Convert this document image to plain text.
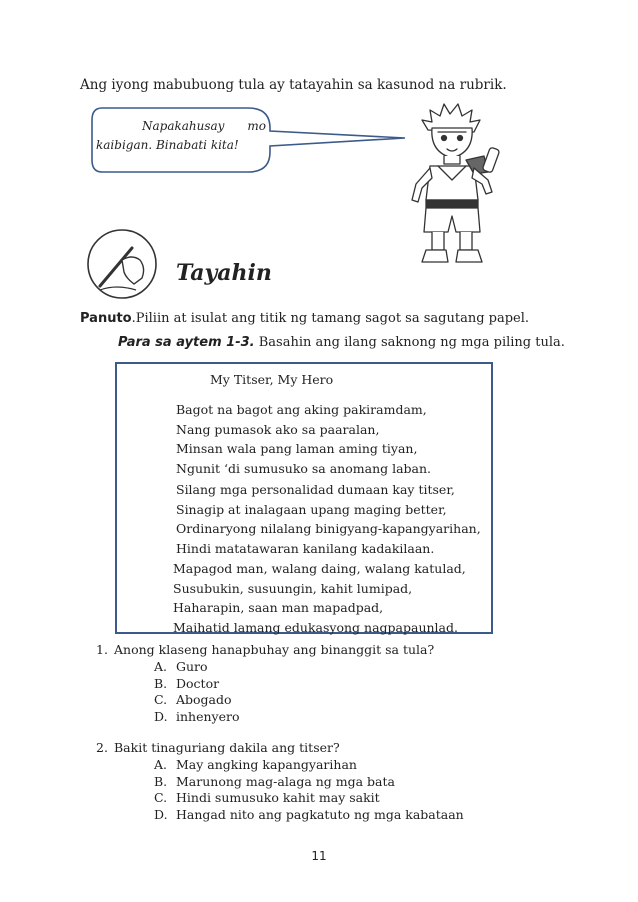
Ang iyong mabubuong tula ay tatayahin sa kasunod na rubrik.
Napakahusay mo
kaibigan. Binabati kita!
Tayahin
Panuto.Piliin at isulat ang titik ng tamang sagot sa sagutang papel.
Para sa aytem 1-3. Basahin ang ilang saknong ng mga piling tula.
My Titser, My Hero
Bagot na bagot ang aking pakiramdam,
Nang pumasok ako sa paaralan,
Minsan wala pang laman aming tiyan,
Ngunit ‘di sumusuko sa anomang laban.
Silang mga personalidad dumaan kay titser,
Sinagip at inalagaan upang maging better,
Ordinaryong nilalang binigyang-kapangyarihan,
Hindi matatawaran kanilang kadakilaan.
Mapagod man, walang daing, walang katulad,
Susubukin, susuungin, kahit lumipad,
Haharapin, saan man mapadpad,
Maihatid lamang edukasyong nagpapaunlad.
1. Anong klaseng hanapbuhay ang binanggit sa tula?
A. Guro
B. Doctor
C. Abogado
D. inhenyero
2. Bakit tinaguriang dakila ang titser?
A. May angking kapangyarihan
B. Marunong mag-alaga ng mga bata
C. Hindi sumusuko kahit may sakit
D. Hangad nito ang pagkatuto ng mga kabataan
11
